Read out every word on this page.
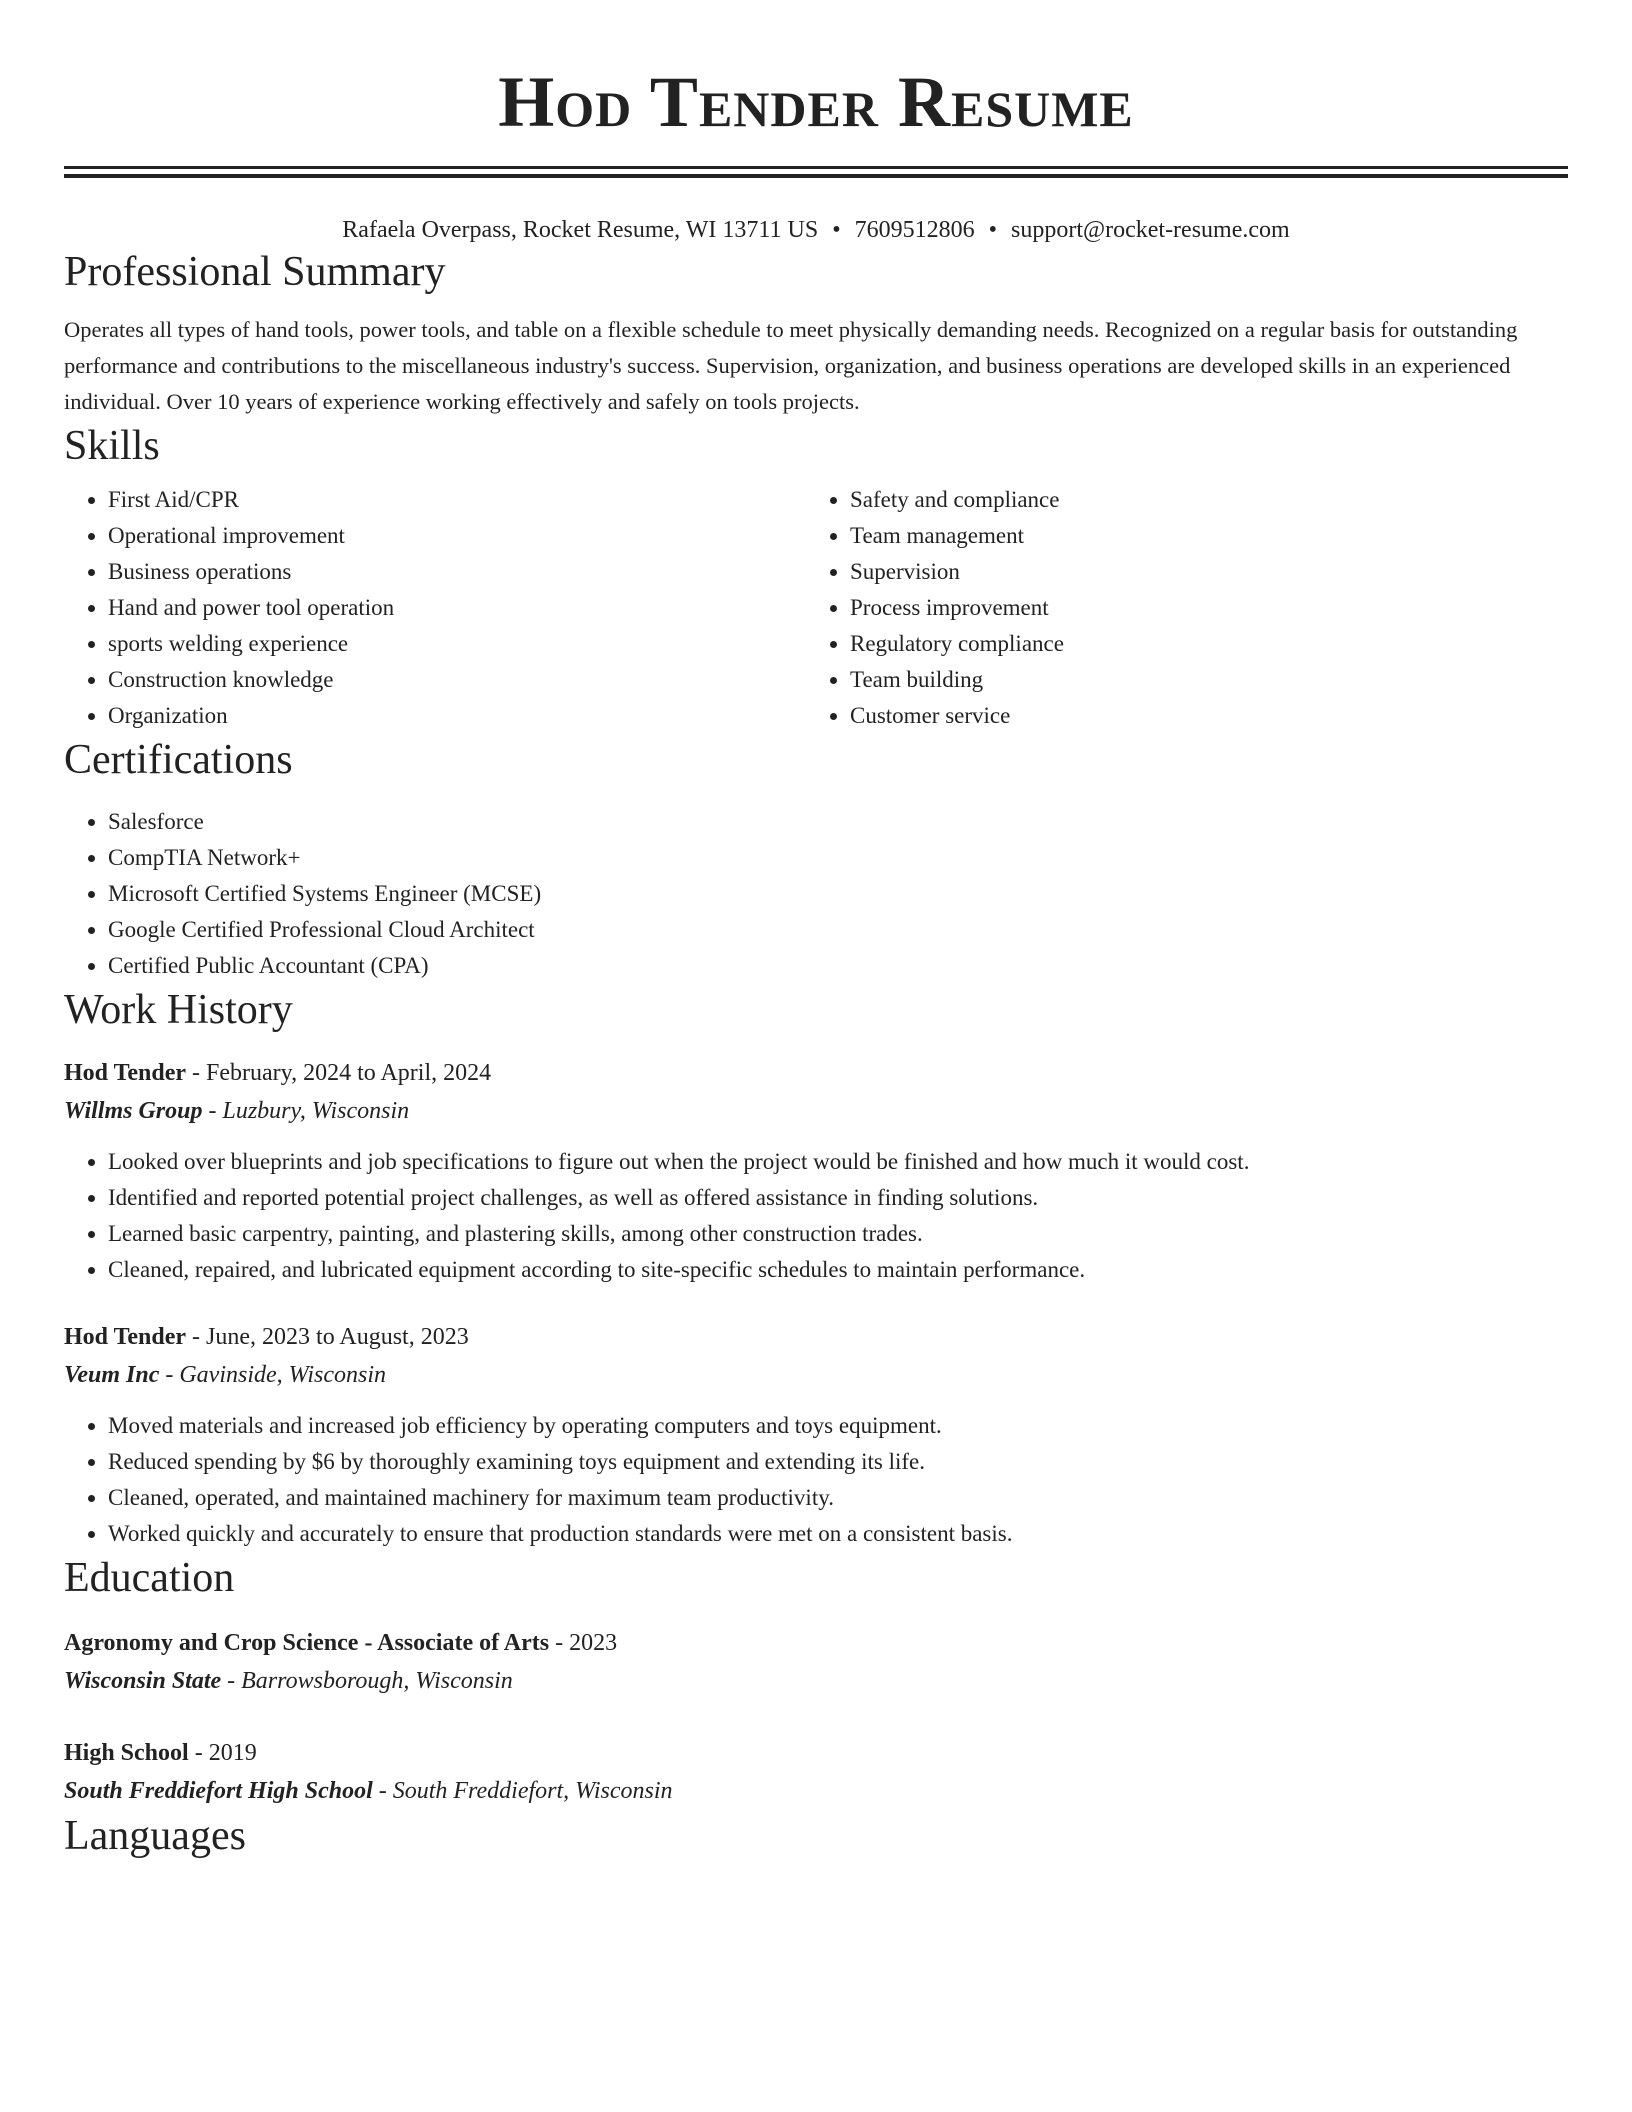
Hod Tender Resume
Rafaela Overpass, Rocket Resume, WI 13711 US • 7609512806 • support@rocket-resume.com
Professional Summary

Operates all types of hand tools, power tools, and table on a flexible schedule to meet physically demanding needs. Recognized on a regular basis for outstanding performance and contributions to the miscellaneous industry's success. Supervision, organization, and business operations are developed skills in an experienced individual. Over 10 years of experience working effectively and safely on tools projects.

Skills
• First Aid/CPR
• Operational improvement
• Business operations
• Hand and power tool operation
• sports welding experience
• Construction knowledge
• Organization
• Safety and compliance
• Team management
• Supervision
• Process improvement
• Regulatory compliance
• Team building
• Customer service
Certifications
• Salesforce
• CompTIA Network+
• Microsoft Certified Systems Engineer (MCSE)
• Google Certified Professional Cloud Architect
• Certified Public Accountant (CPA)
Work History
Hod Tender - February, 2024 to April, 2024
Willms Group - Luzbury, Wisconsin
• Looked over blueprints and job specifications to figure out when the project would be finished and how much it would cost.
• Identified and reported potential project challenges, as well as offered assistance in finding solutions.
• Learned basic carpentry, painting, and plastering skills, among other construction trades.
• Cleaned, repaired, and lubricated equipment according to site-specific schedules to maintain performance.
Hod Tender - June, 2023 to August, 2023
Veum Inc - Gavinside, Wisconsin
• Moved materials and increased job efficiency by operating computers and toys equipment.
• Reduced spending by $6 by thoroughly examining toys equipment and extending its life.
• Cleaned, operated, and maintained machinery for maximum team productivity.
• Worked quickly and accurately to ensure that production standards were met on a consistent basis.
Education
Agronomy and Crop Science - Associate of Arts - 2023
Wisconsin State - Barrowsborough, Wisconsin
High School - 2019
South Freddiefort High School - South Freddiefort, Wisconsin
Languages
